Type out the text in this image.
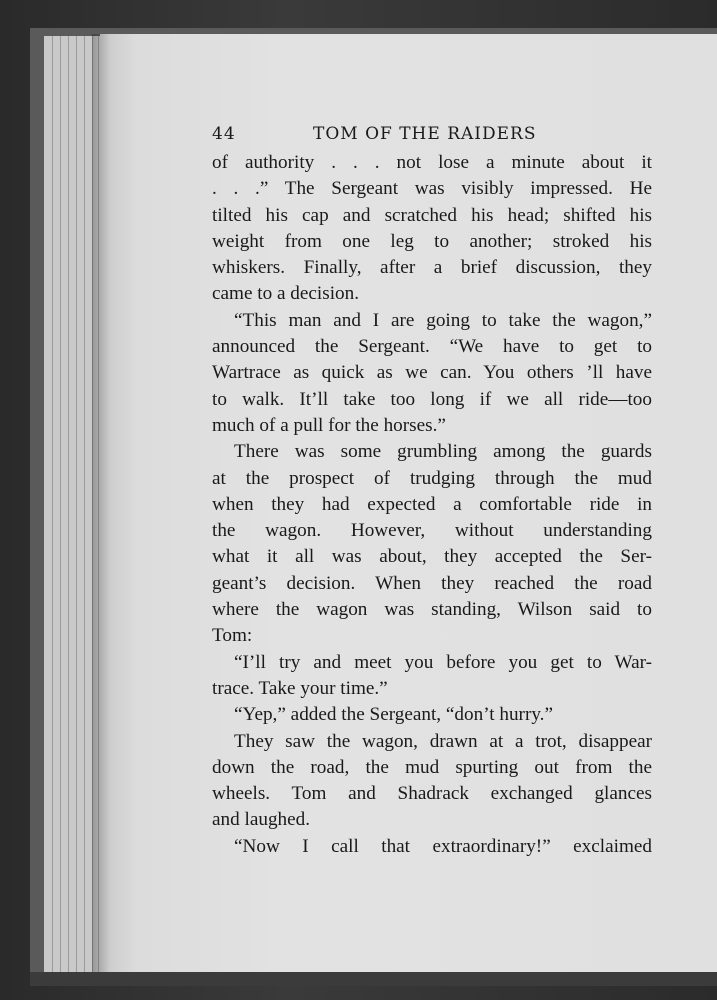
44	TOM OF THE RAIDERS
of authority . . . not lose a minute about it
. . .” The Sergeant was visibly impressed. He
tilted his cap and scratched his head; shifted his
weight from one leg to another; stroked his
whiskers. Finally, after a brief discussion, they
came to a decision.
“This man and I are going to take the wagon,”
announced the Sergeant. “We have to get to
Wartrace as quick as we can. You others ’ll have
to walk. It’ll take too long if we all ride—too
much of a pull for the horses.”
There was some grumbling among the guards
at the prospect of trudging through the mud
when they had expected a comfortable ride in
the wagon. However, without understanding
what it all was about, they accepted the Ser-
geant’s decision. When they reached the road
where the wagon was standing, Wilson said to
Tom:
“I’ll try and meet you before you get to War-
trace. Take your time.”
“Yep,” added the Sergeant, “don’t hurry.”
They saw the wagon, drawn at a trot, disappear
down the road, the mud spurting out from the
wheels. Tom and Shadrack exchanged glances
and laughed.
“Now I call that extraordinary!” exclaimed
